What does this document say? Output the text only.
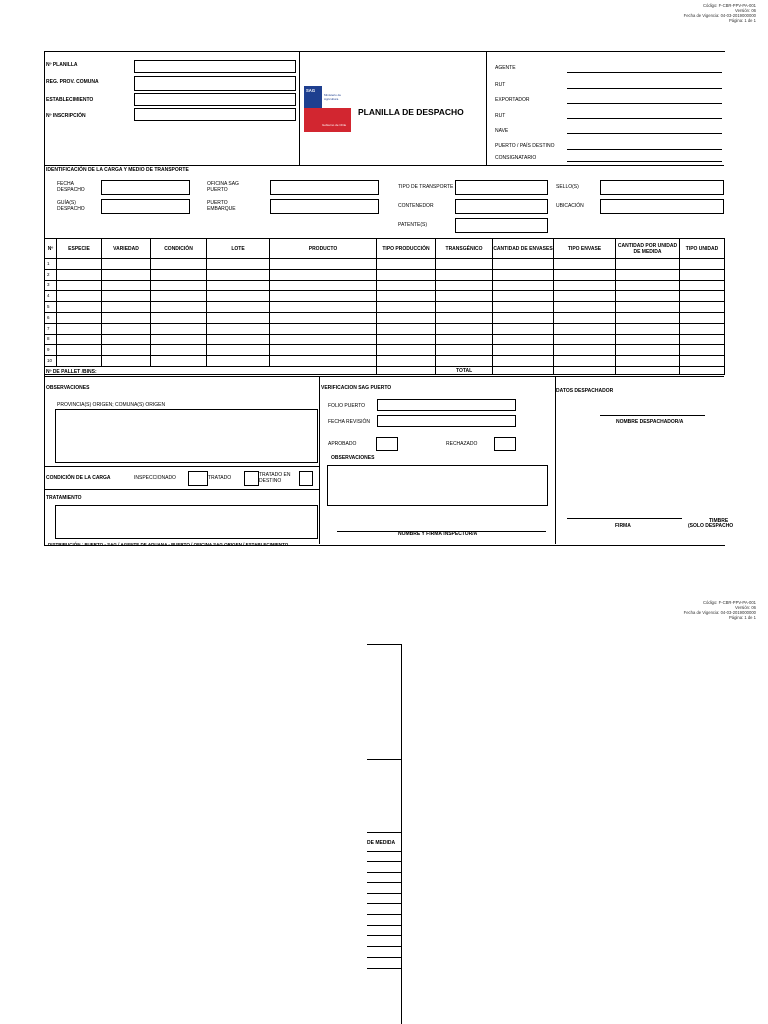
Código: F-CBR-PPV-PA-001
Versión: 06
Fecha de Vigencia: 04-03-2019000000
Página: 1 de 1
Nº PLANILLA
REG. PROV. COMUNA
ESTABLECIMIENTO
Nº INSCRIPCIÓN
SAG
Ministerio de Agricultura
Gobierno de Chile
PLANILLA DE DESPACHO
AGENTE
RUT
EXPORTADOR
RUT
NAVE
PUERTO / PAÍS DESTINO
CONSIGNATARIO
IDENTIFICACIÓN DE LA CARGA Y MEDIO DE TRANSPORTE
FECHA DESPACHO
GUÍA(S) DESPACHO
OFICINA SAG PUERTO
PUERTO EMBARQUE
TIPO DE TRANSPORTE
CONTENEDOR
PATENTE(S)
SELLO(S)
UBICACIÓN
Nº	ESPECIE	VARIEDAD	CONDICIÓN	LOTE	PRODUCTO	TIPO PRODUCCIÓN	TRANSGÉNICO	CANTIDAD DE ENVASES	TIPO ENVASE	CANTIDAD POR UNIDAD DE MEDIDA	TIPO UNIDAD
1											
2											
3											
4											
5											
6											
7											
8											
9											
10											

Nº DE PALLET /BINS:	TOTAL
OBSERVACIONES
PROVINCIA(S) ORIGEN; COMUNA(S) ORIGEN
CONDICIÓN DE LA CARGA	INSPECCIONADO	TRATADO	TRATADO EN DESTINO
TRATAMIENTO
VERIFICACION SAG PUERTO
FOLIO PUERTO
FECHA REVISIÓN
APROBADO	RECHAZADO
OBSERVACIONES
NOMBRE Y FIRMA INSPECTOR/A
DATOS DESPACHADOR
NOMBRE DESPACHADOR/A
FIRMA
TIMBRE
(SOLO DESPACHO
DISTRIBUCIÓN : PUERTO - SAG / AGENTE DE ADUANA - PUERTO / OFICINA SAG ORIGEN / ESTABLECIMIENTO
Código: F-CBR-PPV-PA-001
Versión: 06
Fecha de Vigencia: 04-03-2019000000
Página: 1 de 1
DE MEDIDA
